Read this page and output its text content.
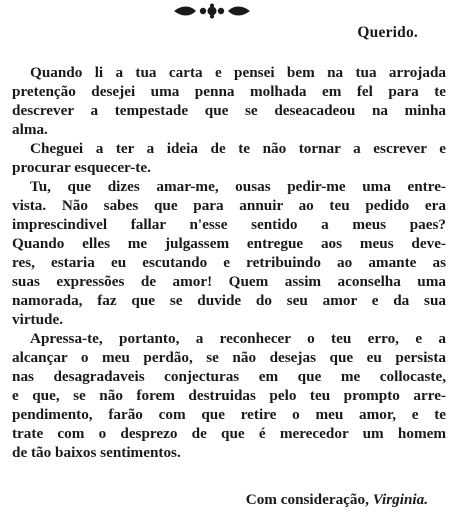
Querido.

Quando li a tua carta e pensei bem na tua arrojada
pretenção desejei uma penna molhada em fel para te
descrever a tempestade que se deseacadeou na minha
alma.

Cheguei a ter a ideia de te não tornar a escrever e
procurar esquecer-te.

Tu, que dizes amar-me, ousas pedir-me uma entre-
vista. Não sabes que para annuir ao teu pedido era
imprescindivel fallar n'esse sentido a meus paes?
Quando elles me julgassem entregue aos meus deve-
res, estaria eu escutando e retribuindo ao amante as
suas expressões de amor! Quem assim aconselha uma
namorada, faz que se duvide do seu amor e da sua
virtude.

Apressa-te, portanto, a reconhecer o teu erro, e a
alcançar o meu perdão, se não desejas que eu persista
nas desagradaveis conjecturas em que me collocaste,
e que, se não forem destruidas pelo teu prompto arre-
pendimento, farão com que retire o meu amor, e te
trate com o desprezo de que é merecedor um homem
de tão baixos sentimentos.

Com consideração, Virginia.
